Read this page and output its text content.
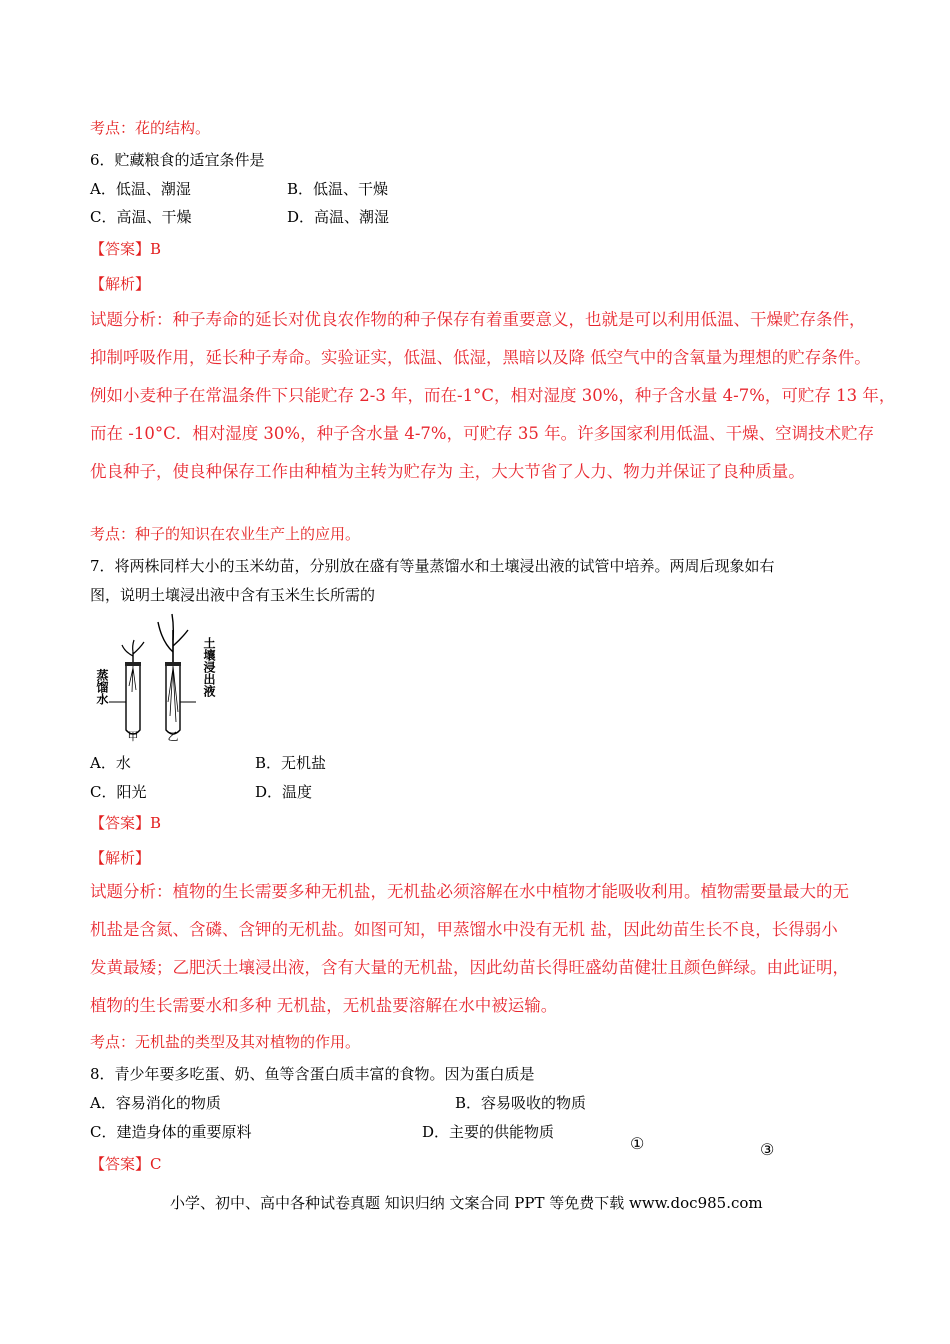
考点：花的结构。
6．贮藏粮食的适宜条件是
A．低温、潮湿	B．低温、干燥
C．高温、干燥	D．高温、潮湿
【答案】B
【解析】
试题分析：种子寿命的延长对优良农作物的种子保存有着重要意义，也就是可以利用低温、干燥贮存条件，
抑制呼吸作用，延长种子寿命。实验证实，低温、低湿，黑暗以及降 低空气中的含氧量为理想的贮存条件。
例如小麦种子在常温条件下只能贮存 2-3 年，而在-1°C，相对湿度 30%，种子含水量 4-7%，可贮存 13 年，
而在 -10°C．相对湿度 30%，种子含水量 4-7%，可贮存 35 年。许多国家利用低温、干燥、空调技术贮存
优良种子，使良种保存工作由种植为主转为贮存为 主，大大节省了人力、物力并保证了良种质量。
考点：种子的知识在农业生产上的应用。
7．将两株同样大小的玉米幼苗，分别放在盛有等量蒸馏水和土壤浸出液的试管中培养。两周后现象如右
图，说明土壤浸出液中含有玉米生长所需的
蒸馏水
甲	乙
土壤浸出液
A．水	B．无机盐
C．阳光	D．温度
【答案】B
【解析】
试题分析：植物的生长需要多种无机盐，无机盐必须溶解在水中植物才能吸收利用。植物需要量最大的无
机盐是含氮、含磷、含钾的无机盐。如图可知，甲蒸馏水中没有无机 盐，因此幼苗生长不良，长得弱小
发黄最矮；乙肥沃土壤浸出液，含有大量的无机盐，因此幼苗长得旺盛幼苗健壮且颜色鲜绿。由此证明，
植物的生长需要水和多种 无机盐，无机盐要溶解在水中被运输。
考点：无机盐的类型及其对植物的作用。
8．青少年要多吃蛋、奶、鱼等含蛋白质丰富的食物。因为蛋白质是
A．容易消化的物质	B．容易吸收的物质
C．建造身体的重要原料	D．主要的供能物质
①	③
【答案】C
小学、初中、高中各种试卷真题 知识归纳 文案合同 PPT 等免费下载 www.doc985.com
